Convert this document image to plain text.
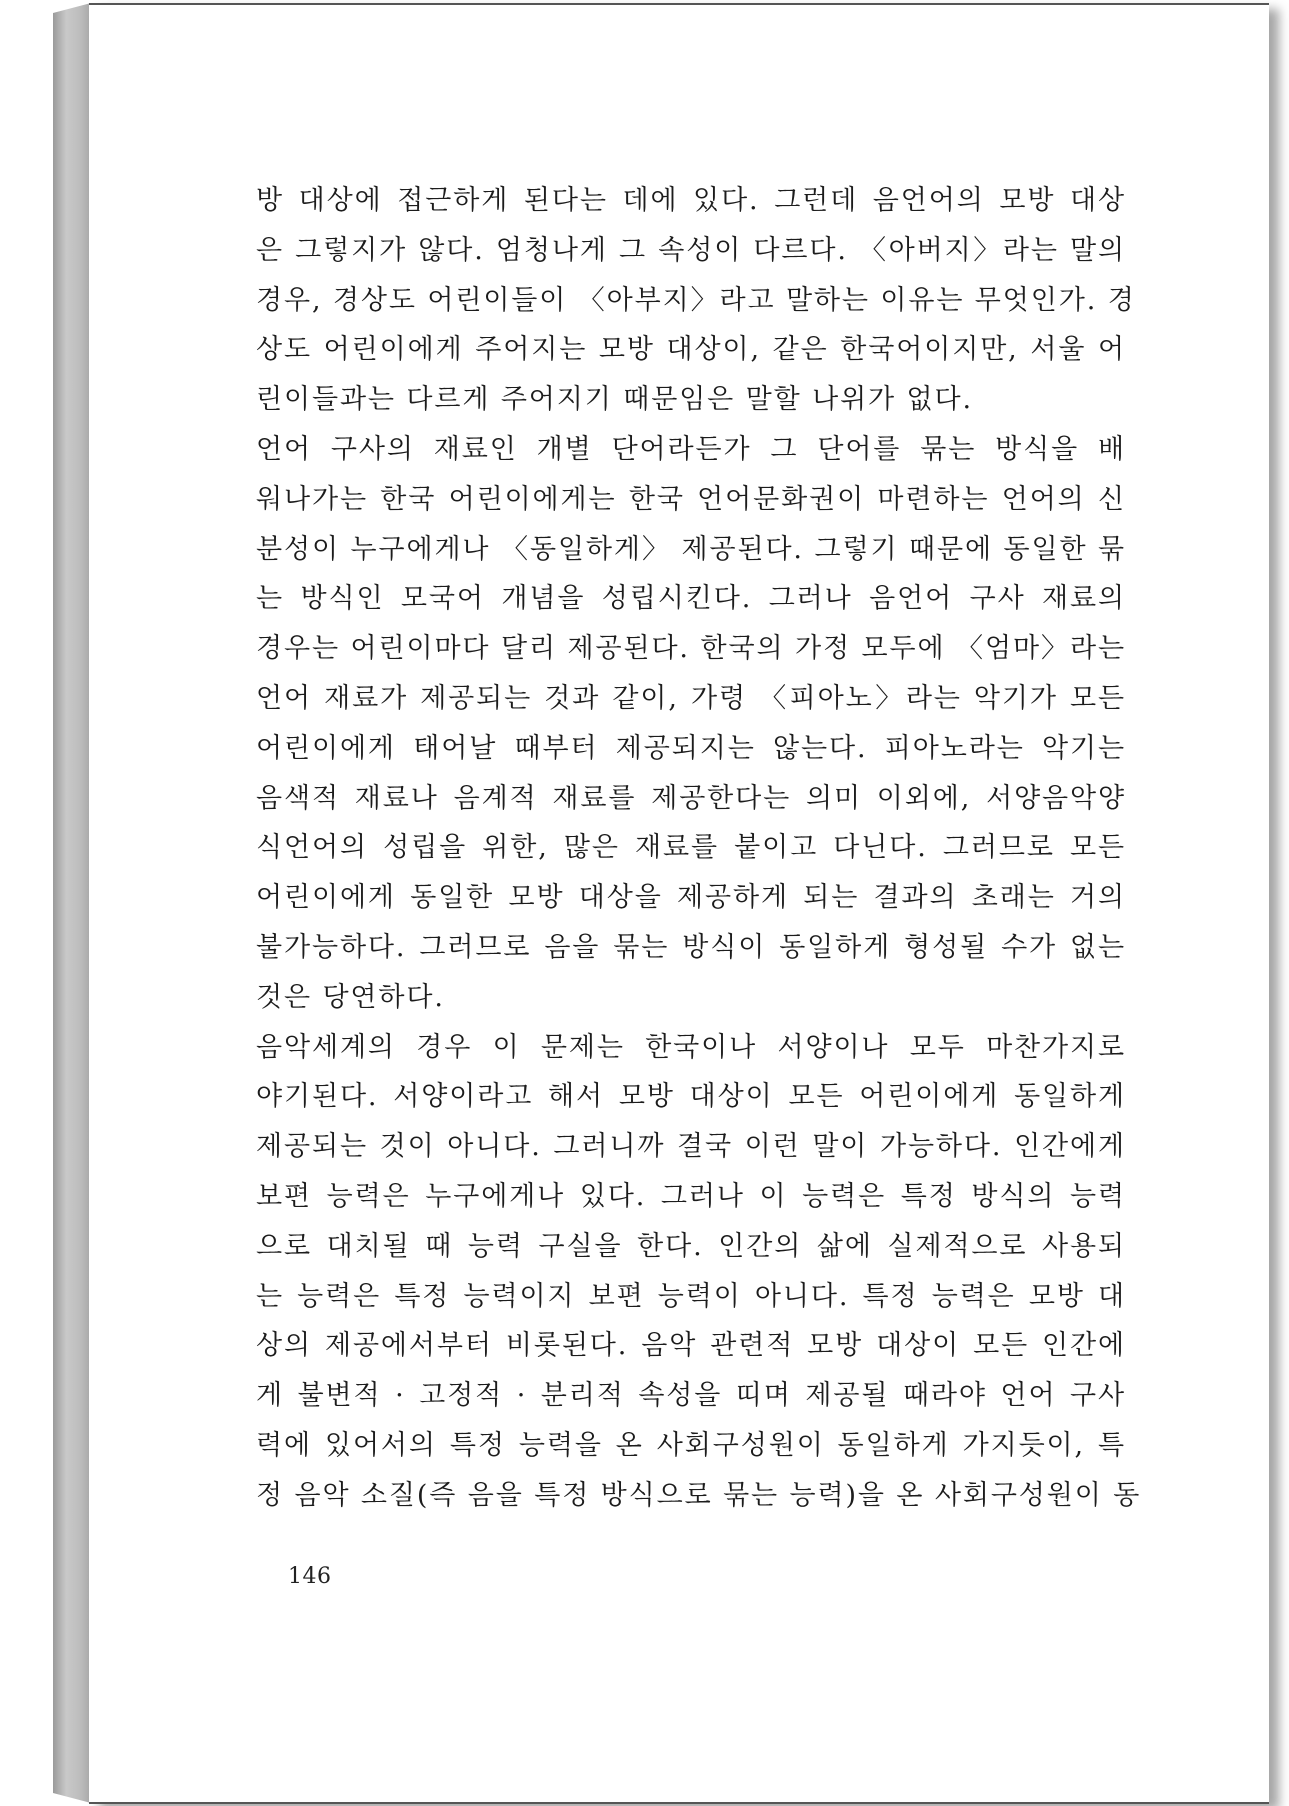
방 대상에 접근하게 된다는 데에 있다. 그런데 음언어의 모방 대상
은 그렇지가 않다. 엄청나게 그 속성이 다르다. 〈아버지〉라는 말의
경우, 경상도 어린이들이 〈아부지〉라고 말하는 이유는 무엇인가. 경
상도 어린이에게 주어지는 모방 대상이, 같은 한국어이지만, 서울 어
린이들과는 다르게 주어지기 때문임은 말할 나위가 없다.
언어 구사의 재료인 개별 단어라든가 그 단어를 묶는 방식을 배
워나가는 한국 어린이에게는 한국 언어문화권이 마련하는 언어의 신
분성이 누구에게나 〈동일하게〉 제공된다. 그렇기 때문에 동일한 묶
는 방식인 모국어 개념을 성립시킨다. 그러나 음언어 구사 재료의
경우는 어린이마다 달리 제공된다. 한국의 가정 모두에 〈엄마〉라는
언어 재료가 제공되는 것과 같이, 가령 〈피아노〉라는 악기가 모든
어린이에게 태어날 때부터 제공되지는 않는다. 피아노라는 악기는
음색적 재료나 음계적 재료를 제공한다는 의미 이외에, 서양음악양
식언어의 성립을 위한, 많은 재료를 붙이고 다닌다. 그러므로 모든
어린이에게 동일한 모방 대상을 제공하게 되는 결과의 초래는 거의
불가능하다. 그러므로 음을 묶는 방식이 동일하게 형성될 수가 없는
것은 당연하다.
음악세계의 경우 이 문제는 한국이나 서양이나 모두 마찬가지로
야기된다. 서양이라고 해서 모방 대상이 모든 어린이에게 동일하게
제공되는 것이 아니다. 그러니까 결국 이런 말이 가능하다. 인간에게
보편 능력은 누구에게나 있다. 그러나 이 능력은 특정 방식의 능력
으로 대치될 때 능력 구실을 한다. 인간의 삶에 실제적으로 사용되
는 능력은 특정 능력이지 보편 능력이 아니다. 특정 능력은 모방 대
상의 제공에서부터 비롯된다. 음악 관련적 모방 대상이 모든 인간에
게 불변적 · 고정적 · 분리적 속성을 띠며 제공될 때라야 언어 구사
력에 있어서의 특정 능력을 온 사회구성원이 동일하게 가지듯이, 특
정 음악 소질(즉 음을 특정 방식으로 묶는 능력)을 온 사회구성원이 동
146
